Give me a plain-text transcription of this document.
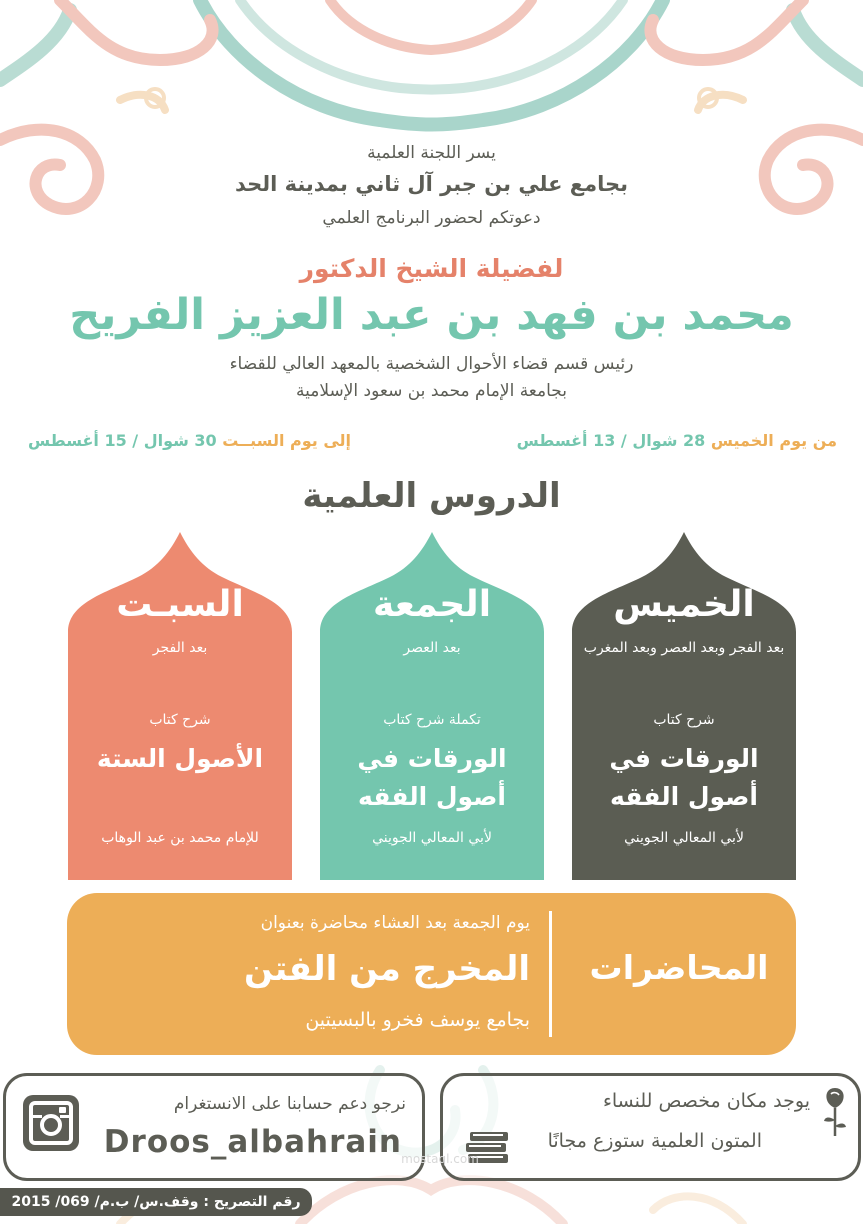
يسر اللجنة العلمية
بجامع علي بن جبر آل ثاني بمدينة الحد
دعوتكم لحضور البرنامج العلمي
لفضيلة الشيخ الدكتور
محمد بن فهد بن عبد العزيز الفريح
رئيس قسم قضاء الأحوال الشخصية بالمعهد العالي للقضاء
بجامعة الإمام محمد بن سعود الإسلامية
من يوم الخميس 28 شوال / 13 أغسطس
إلى يوم السبــت 30 شوال / 15 أغسطس
الدروس العلمية
الخميس
بعد الفجر وبعد العصر وبعد المغرب
شرح كتاب
الورقات في أصول الفقه
لأبي المعالي الجويني
الجمعة
بعد العصر
تكملة شرح كتاب
الورقات في أصول الفقه
لأبي المعالي الجويني
السبـت
بعد الفجر
شرح كتاب
الأصول الستة
للإمام محمد بن عبد الوهاب
المحاضرات
يوم الجمعة بعد العشاء محاضرة بعنوان
المخرج من الفتن
بجامع يوسف فخرو بالبسيتين
يوجد مكان مخصص للنساء
المتون العلمية ستوزع مجانًا
نرجو دعم حسابنا على الانستغرام
Droos_albahrain mostaql.com
رقم التصريح : وقف.س/ ب.م/ 069/ 2015
